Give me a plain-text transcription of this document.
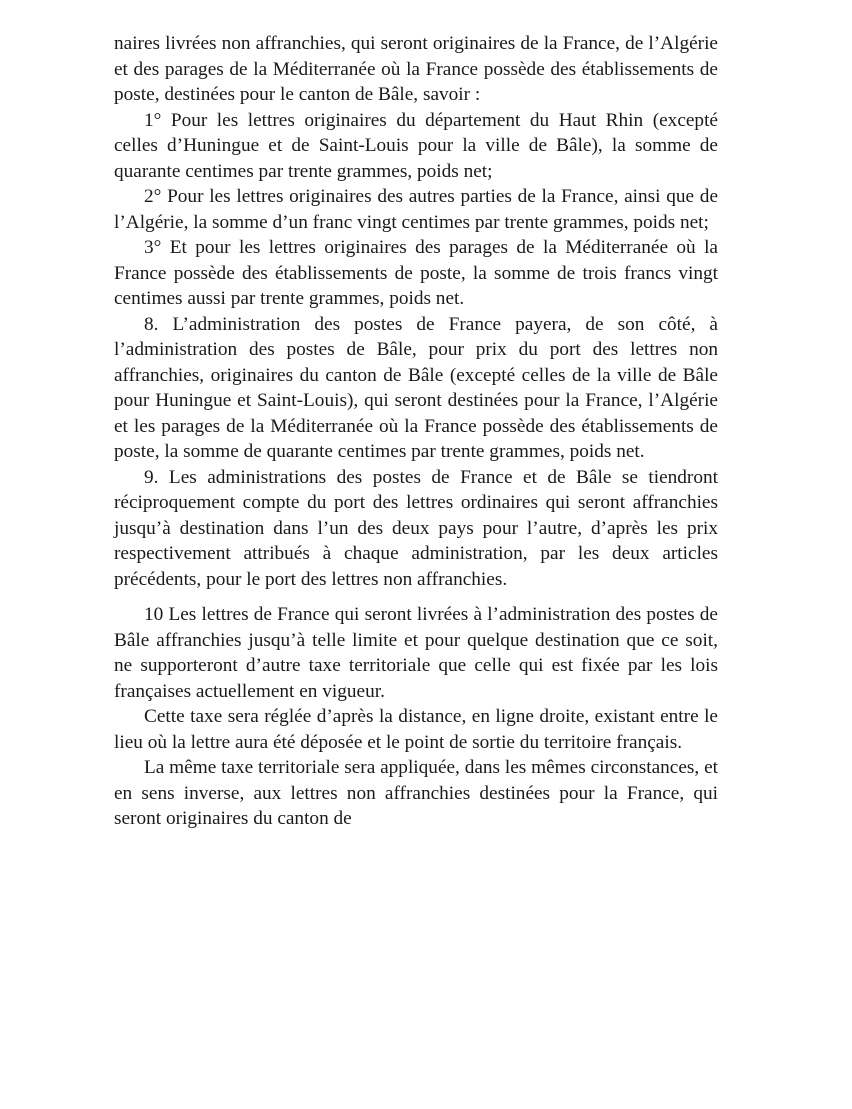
naires livrées non affranchies, qui seront originaires de la France, de l’Algérie et des parages de la Méditerranée où la France possède des établissements de poste, destinées pour le canton de Bâle, savoir :

1° Pour les lettres originaires du département du Haut Rhin (excepté celles d’Huningue et de Saint-Louis pour la ville de Bâle), la somme de quarante centimes par trente grammes, poids net;

2° Pour les lettres originaires des autres parties de la France, ainsi que de l’Algérie, la somme d’un franc vingt centimes par trente grammes, poids net;

3° Et pour les lettres originaires des parages de la Méditerranée où la France possède des établissements de poste, la somme de trois francs vingt centimes aussi par trente grammes, poids net.

8. L’administration des postes de France payera, de son côté, à l’administration des postes de Bâle, pour prix du port des lettres non affranchies, originaires du canton de Bâle (excepté celles de la ville de Bâle pour Huningue et Saint-Louis), qui seront destinées pour la France, l’Algérie et les parages de la Méditerranée où la France possède des établissements de poste, la somme de quarante centimes par trente grammes, poids net.

9. Les administrations des postes de France et de Bâle se tiendront réciproquement compte du port des lettres ordinaires qui seront affranchies jusqu’à destination dans l’un des deux pays pour l’autre, d’après les prix respectivement attribués à chaque administration, par les deux articles précédents, pour le port des lettres non affranchies.

10 Les lettres de France qui seront livrées à l’administration des postes de Bâle affranchies jusqu’à telle limite et pour quelque destination que ce soit, ne supporteront d’autre taxe territoriale que celle qui est fixée par les lois françaises actuellement en vigueur.

Cette taxe sera réglée d’après la distance, en ligne droite, existant entre le lieu où la lettre aura été déposée et le point de sortie du territoire français.

La même taxe territoriale sera appliquée, dans les mêmes circonstances, et en sens inverse, aux lettres non affranchies destinées pour la France, qui seront originaires du canton de
